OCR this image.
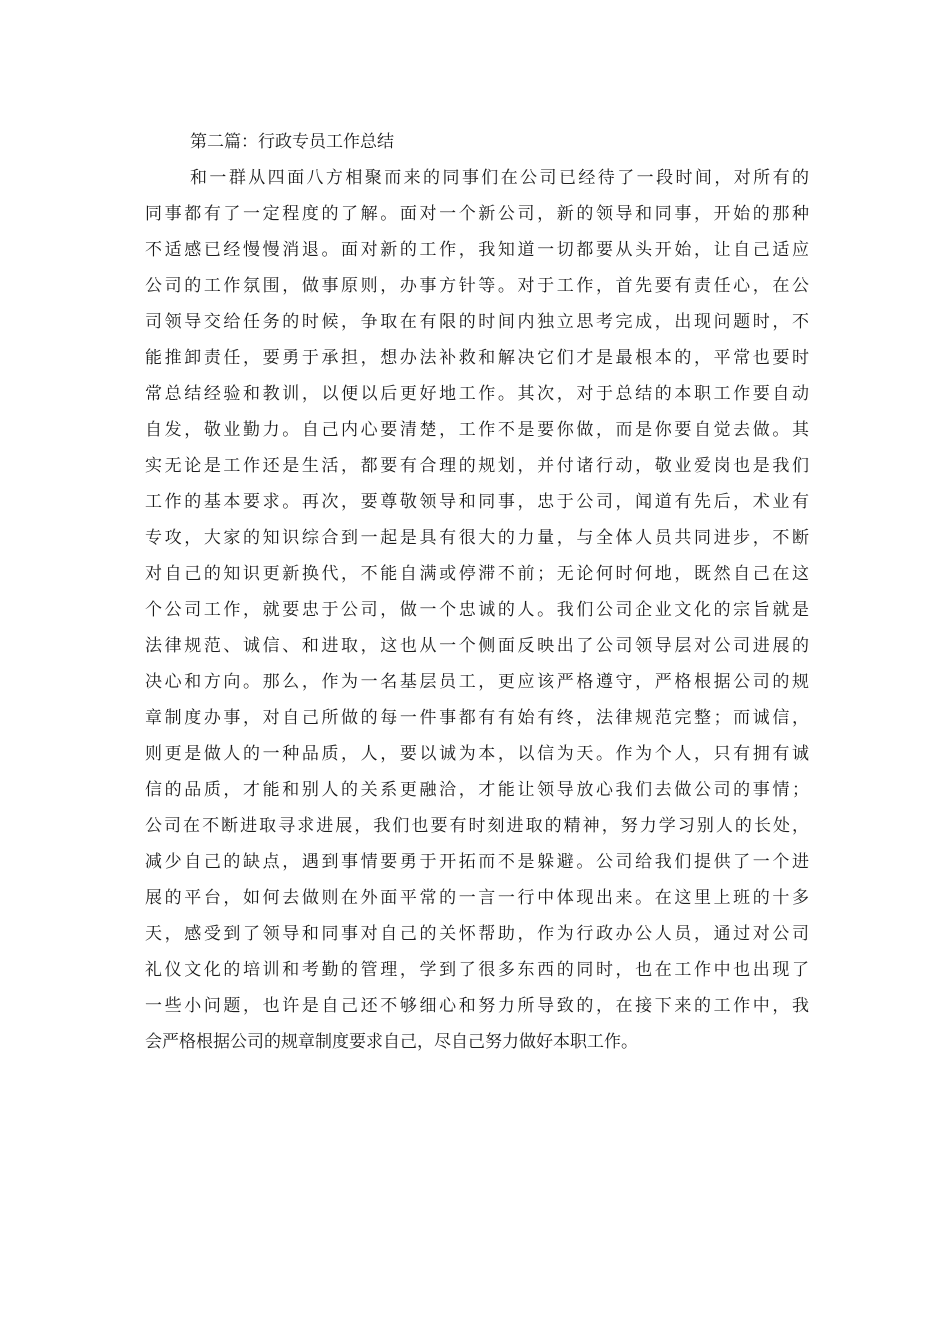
第二篇：行政专员工作总结
和一群从四面八方相聚而来的同事们在公司已经待了一段时间，对所有的
同事都有了一定程度的了解。面对一个新公司，新的领导和同事，开始的那种
不适感已经慢慢消退。面对新的工作，我知道一切都要从头开始，让自己适应
公司的工作氛围，做事原则，办事方针等。对于工作，首先要有责任心，在公
司领导交给任务的时候，争取在有限的时间内独立思考完成，出现问题时，不
能推卸责任，要勇于承担，想办法补救和解决它们才是最根本的，平常也要时
常总结经验和教训，以便以后更好地工作。其次，对于总结的本职工作要自动
自发，敬业勤力。自己内心要清楚，工作不是要你做，而是你要自觉去做。其
实无论是工作还是生活，都要有合理的规划，并付诸行动，敬业爱岗也是我们
工作的基本要求。再次，要尊敬领导和同事，忠于公司，闻道有先后，术业有
专攻，大家的知识综合到一起是具有很大的力量，与全体人员共同进步，不断
对自己的知识更新换代，不能自满或停滞不前；无论何时何地，既然自己在这
个公司工作，就要忠于公司，做一个忠诚的人。我们公司企业文化的宗旨就是
法律规范、诚信、和进取，这也从一个侧面反映出了公司领导层对公司进展的
决心和方向。那么，作为一名基层员工，更应该严格遵守，严格根据公司的规
章制度办事，对自己所做的每一件事都有有始有终，法律规范完整；而诚信，
则更是做人的一种品质，人，要以诚为本，以信为天。作为个人，只有拥有诚
信的品质，才能和别人的关系更融洽，才能让领导放心我们去做公司的事情；
公司在不断进取寻求进展，我们也要有时刻进取的精神，努力学习别人的长处，
减少自己的缺点，遇到事情要勇于开拓而不是躲避。公司给我们提供了一个进
展的平台，如何去做则在外面平常的一言一行中体现出来。在这里上班的十多
天，感受到了领导和同事对自己的关怀帮助，作为行政办公人员，通过对公司
礼仪文化的培训和考勤的管理，学到了很多东西的同时，也在工作中也出现了
一些小问题，也许是自己还不够细心和努力所导致的，在接下来的工作中，我
会严格根据公司的规章制度要求自己，尽自己努力做好本职工作。
